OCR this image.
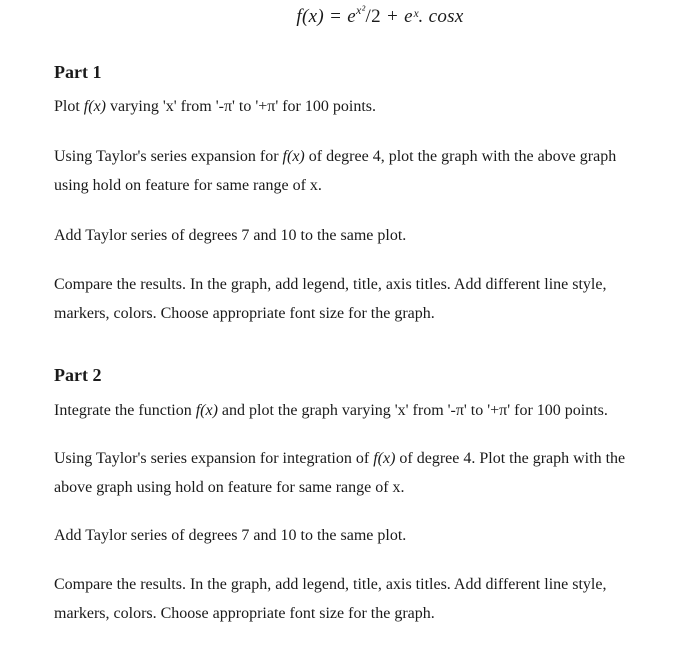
$f(x) = e^{x^2}/2$ + eˣ. cosx
Part 1
Plot f(x) varying 'x' from '-π' to '+π' for 100 points.
Using Taylor's series expansion for f(x) of degree 4, plot the graph with the above graph
using hold on feature for same range of x.
Add Taylor series of degrees 7 and 10 to the same plot.
Compare the results. In the graph, add legend, title, axis titles. Add different line style,
markers, colors. Choose appropriate font size for the graph.
Part 2
Integrate the function f(x) and plot the graph varying 'x' from '-π' to '+π' for 100 points.
Using Taylor's series expansion for integration of f(x) of degree 4. Plot the graph with the
above graph using hold on feature for same range of x.
Add Taylor series of degrees 7 and 10 to the same plot.
Compare the results. In the graph, add legend, title, axis titles. Add different line style,
markers, colors. Choose appropriate font size for the graph.
